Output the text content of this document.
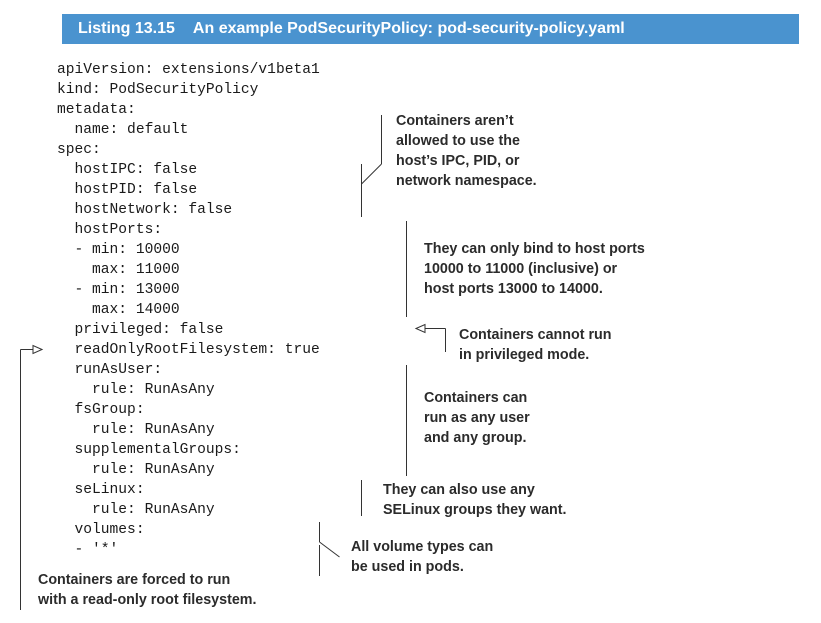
Listing 13.15 An example PodSecurityPolicy: pod-security-policy.yaml
apiVersion: extensions/v1beta1
kind: PodSecurityPolicy
metadata:
name: default
spec:
hostIPC: false
hostPID: false
hostNetwork: false
hostPorts:
- min: 10000
max: 11000
- min: 13000
max: 14000
privileged: false
readOnlyRootFilesystem: true
runAsUser:
rule: RunAsAny
fsGroup:
rule: RunAsAny
supplementalGroups:
rule: RunAsAny
seLinux:
rule: RunAsAny
volumes:
- '*'
Containers aren’t
allowed to use the
host’s IPC, PID, or
network namespace.
They can only bind to host ports
10000 to 11000 (inclusive) or
host ports 13000 to 14000.
Containers cannot run
in privileged mode.
Containers can
run as any user
and any group.
They can also use any
SELinux groups they want.
All volume types can
be used in pods.
Containers are forced to run
with a read-only root filesystem.
